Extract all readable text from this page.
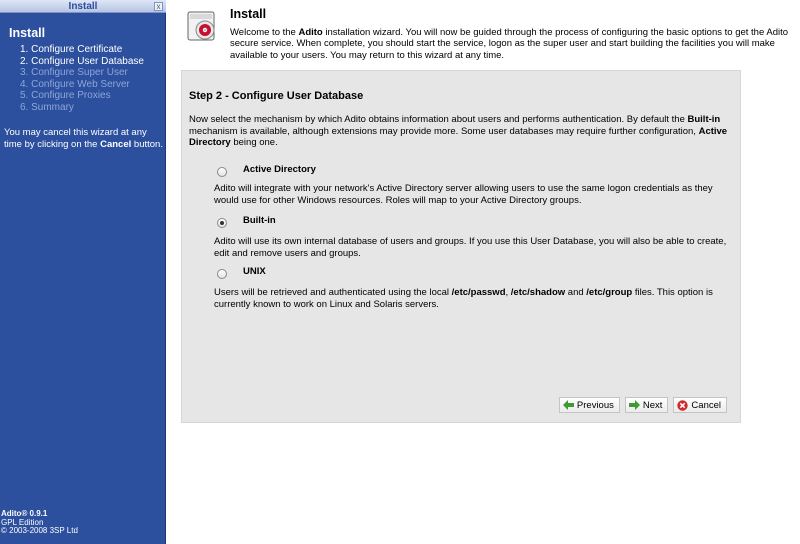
Install	x
Install
1. Configure Certificate
2. Configure User Database
3. Configure Super User
4. Configure Web Server
5. Configure Proxies
6. Summary
You may cancel this wizard at any time by clicking on the Cancel button.
Adito® 0.9.1
GPL Edition
© 2003-2008 3SP Ltd
Install
Welcome to the Adito installation wizard. You will now be guided through the process of configuring the basic options to get the Adito secure service. When complete, you should start the service, logon as the super user and start building the facilities you will make available to your users. You may return to this wizard at any time.
Step 2 - Configure User Database
Now select the mechanism by which Adito obtains information about users and performs authentication. By default the Built-in mechanism is available, although extensions may provide more. Some user databases may require further configuration, Active Directory being one.
Active Directory
Adito will integrate with your network's Active Directory server allowing users to use the same logon credentials as they would use for other Windows resources. Roles will map to your Active Directory groups.
Built-in
Adito will use its own internal database of users and groups. If you use this User Database, you will also be able to create, edit and remove users and groups.
UNIX
Users will be retrieved and authenticated using the local /etc/passwd, /etc/shadow and /etc/group files. This option is currently known to work on Linux and Solaris servers.
Previous	Next	Cancel
